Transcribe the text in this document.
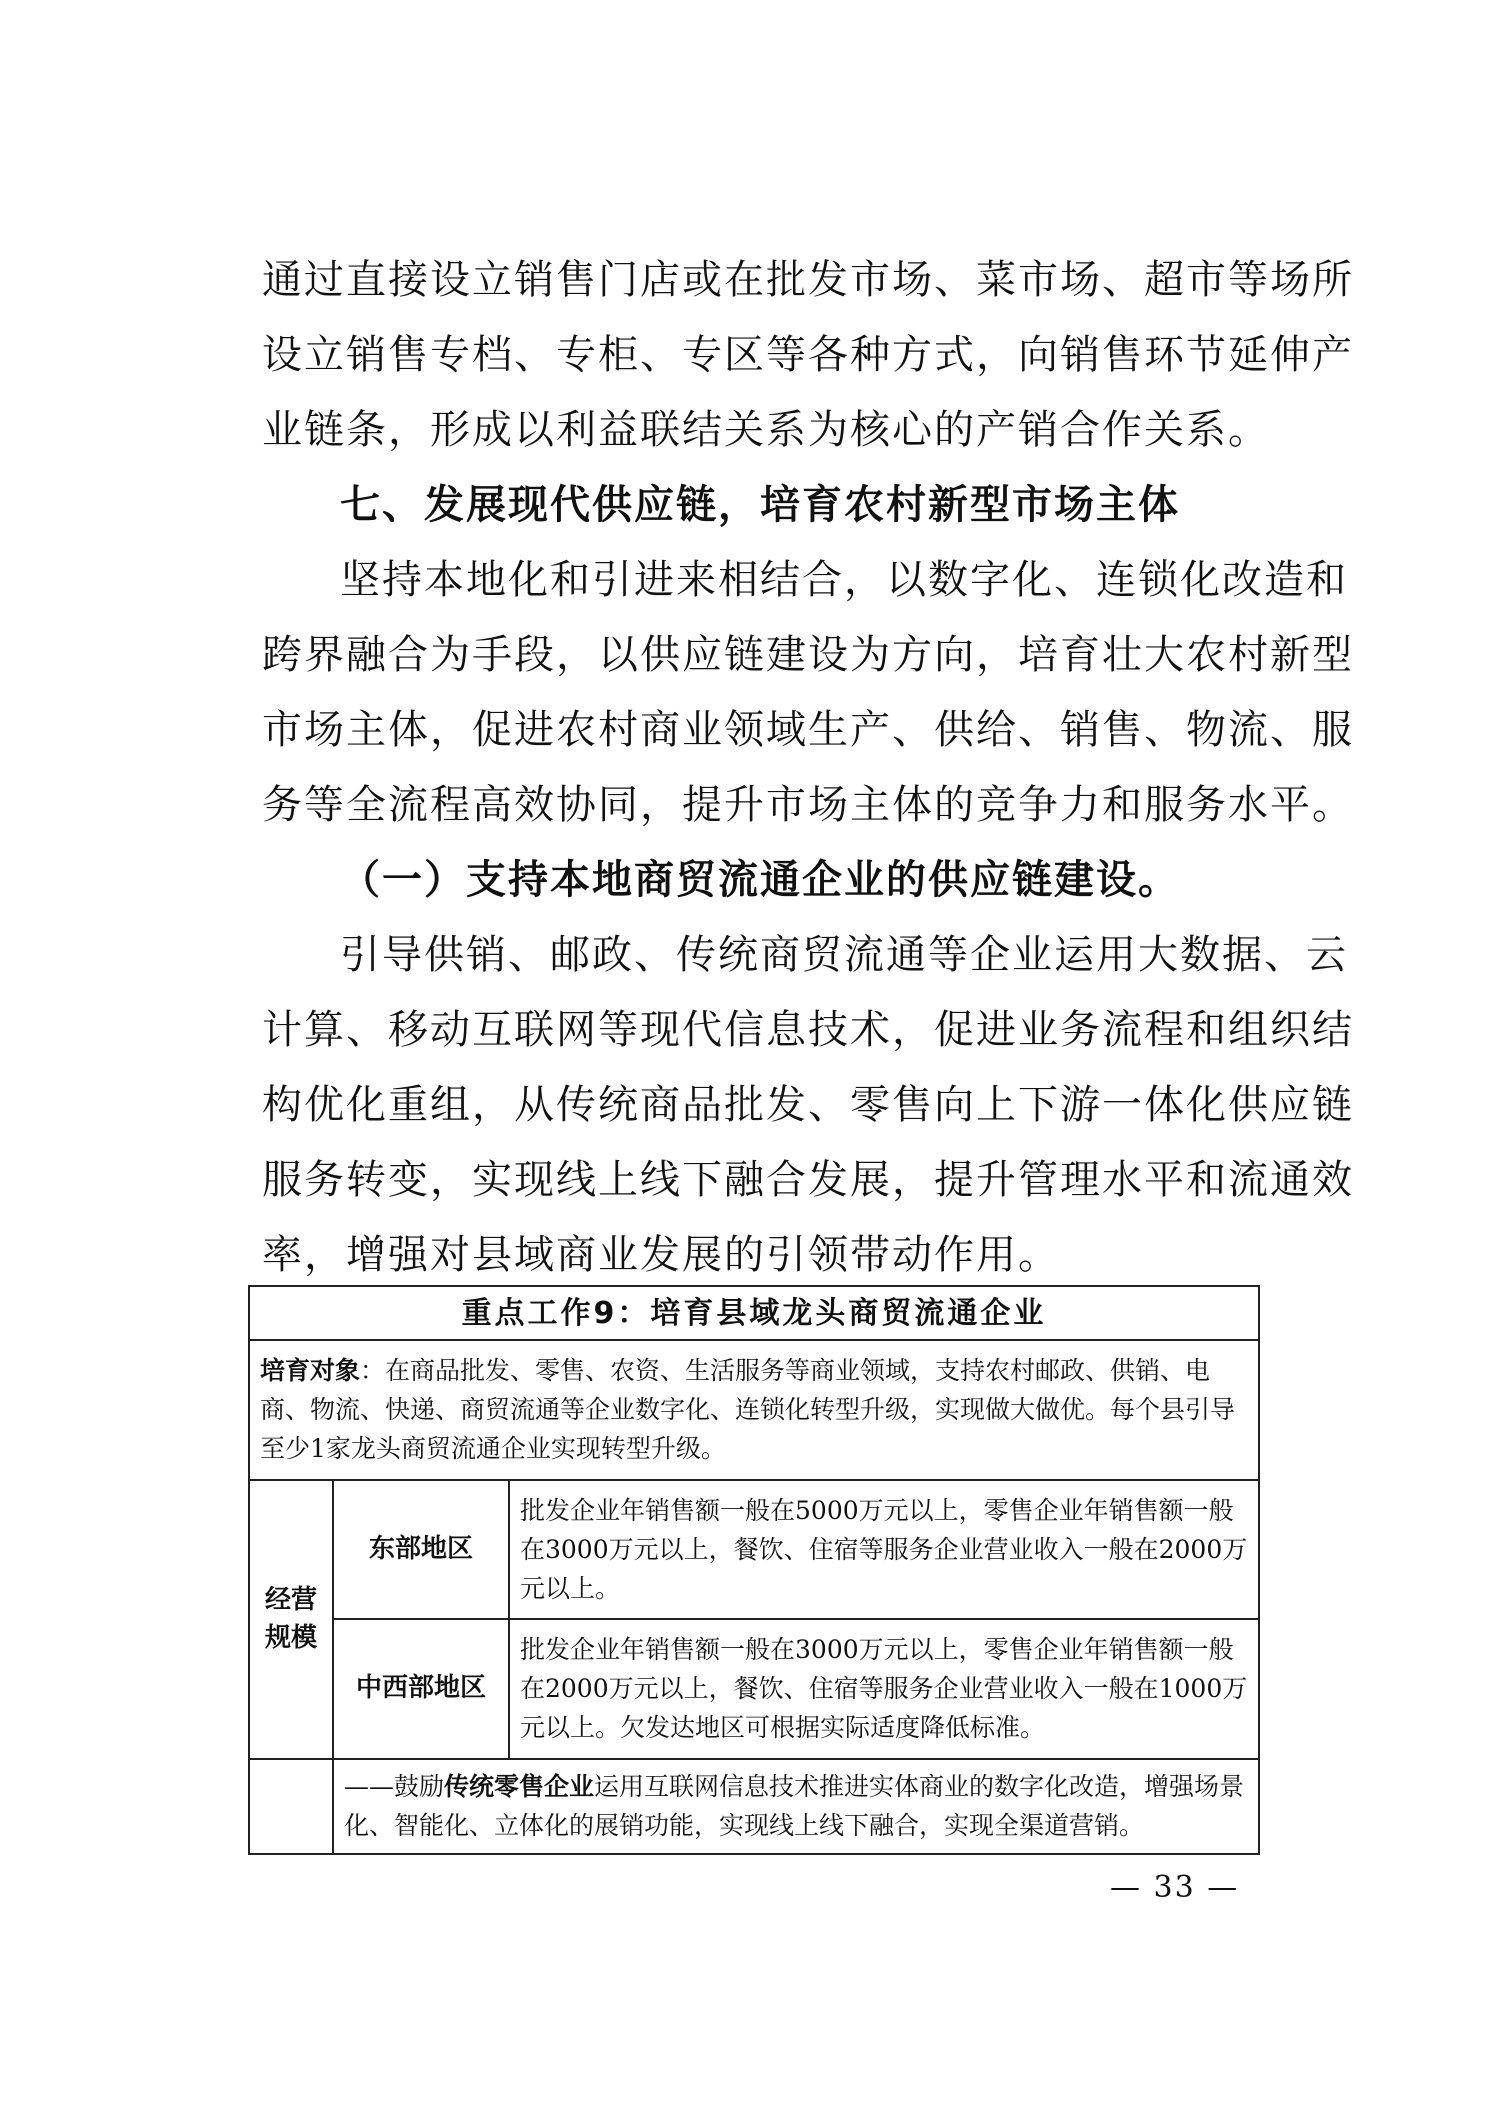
通过直接设立销售门店或在批发市场、菜市场、超市等场所
设立销售专档、专柜、专区等各种方式，向销售环节延伸产
业链条，形成以利益联结关系为核心的产销合作关系。
七、发展现代供应链，培育农村新型市场主体
坚持本地化和引进来相结合，以数字化、连锁化改造和
跨界融合为手段，以供应链建设为方向，培育壮大农村新型
市场主体，促进农村商业领域生产、供给、销售、物流、服
务等全流程高效协同，提升市场主体的竞争力和服务水平。
（一）支持本地商贸流通企业的供应链建设。
引导供销、邮政、传统商贸流通等企业运用大数据、云
计算、移动互联网等现代信息技术，促进业务流程和组织结
构优化重组，从传统商品批发、零售向上下游一体化供应链
服务转变，实现线上线下融合发展，提升管理水平和流通效
率，增强对县域商业发展的引领带动作用。
重点工作9：培育县域龙头商贸流通企业		
培育对象：在商品批发、零售、农资、生活服务等商业领域，支持农村邮政、供销、电商、物流、快递、商贸流通等企业数字化、连锁化转型升级，实现做大做优。每个县引导至少1家龙头商贸流通企业实现转型升级。		
经营规模	东部地区	批发企业年销售额一般在5000万元以上，零售企业年销售额一般在3000万元以上，餐饮、住宿等服务企业营业收入一般在2000万元以上。
	中西部地区	批发企业年销售额一般在3000万元以上，零售企业年销售额一般在2000万元以上，餐饮、住宿等服务企业营业收入一般在1000万元以上。欠发达地区可根据实际适度降低标准。
	——鼓励传统零售企业运用互联网信息技术推进实体商业的数字化改造，增强场景化、智能化、立体化的展销功能，实现线上线下融合，实现全渠道营销。	
— 33 —
